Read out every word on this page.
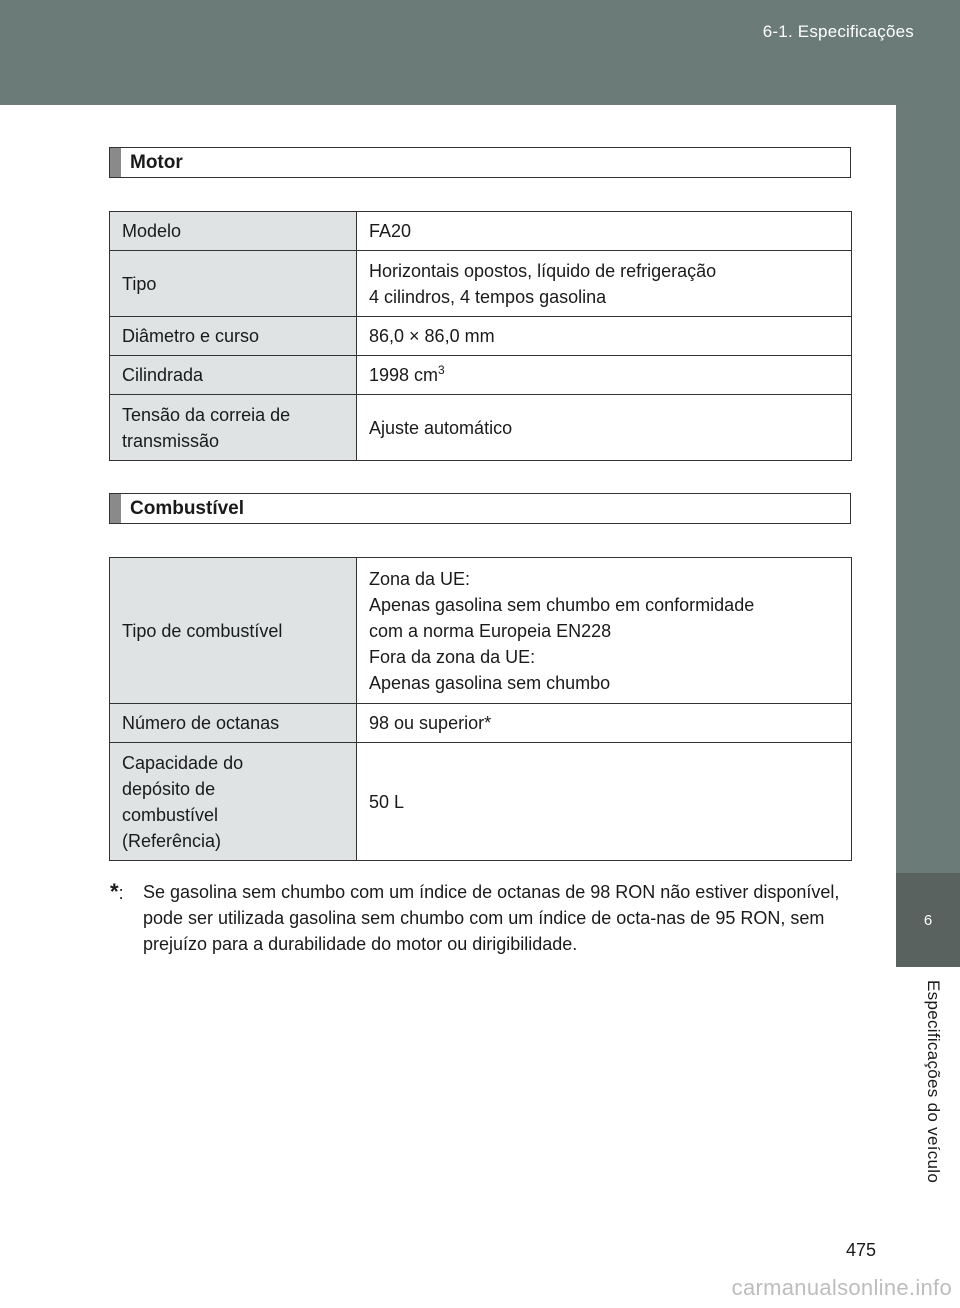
6-1. Especificações
6
Especificações do veículo
Motor
Modelo	FA20
Tipo	Horizontais opostos, líquido de refrigeração
4 cilindros, 4 tempos gasolina

Diâmetro e curso	86,0 × 86,0 mm
Cilindrada	1998 $cm^3$

Tensão da correia de
transmissão	Ajuste automático
Combustível
Tipo de combustível	Zona da UE:
Apenas gasolina sem chumbo em conformidade
com a norma Europeia EN228
Fora da zona da UE:
Apenas gasolina sem chumbo

Número de octanas	98 ou superior*

Capacidade do
depósito de
combustível
(Referência)	50 L
*: Se gasolina sem chumbo com um índice de octanas de 98 RON não estiver disponível, pode ser utilizada gasolina sem chumbo com um índice de octa-nas de 95 RON, sem prejuízo para a durabilidade do motor ou dirigibilidade.
475
carmanualsonline.info
